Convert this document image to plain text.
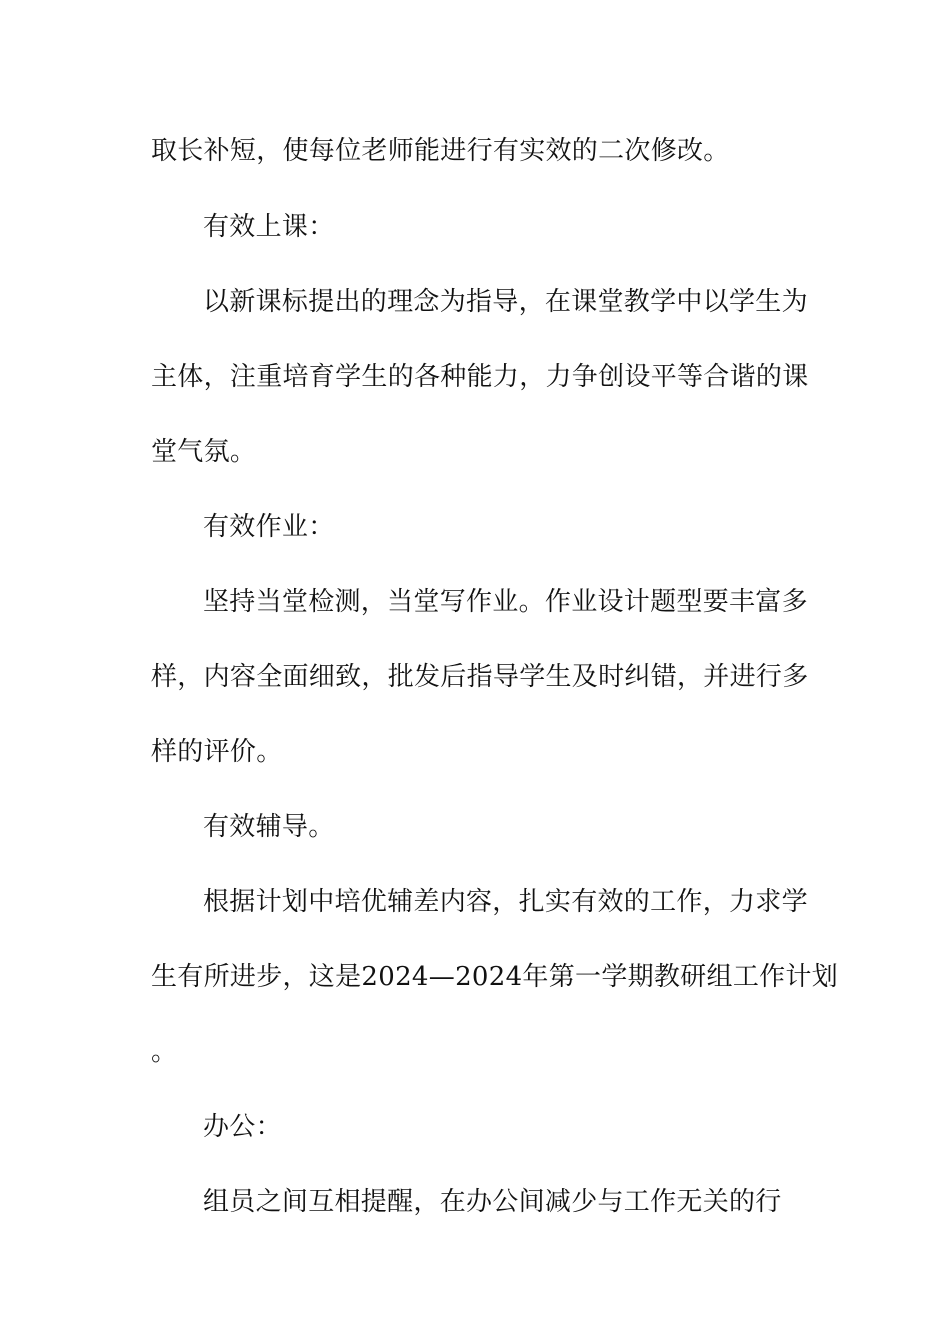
取长补短，使每位老师能进行有实效的二次修改。
有效上课：
以新课标提出的理念为指导，在课堂教学中以学生为
主体，注重培育学生的各种能力，力争创设平等合谐的课
堂气氛。
有效作业：
坚持当堂检测，当堂写作业。作业设计题型要丰富多
样，内容全面细致，批发后指导学生及时纠错，并进行多
样的评价。
有效辅导。
根据计划中培优辅差内容，扎实有效的工作，力求学
生有所进步，这是2024—2024年第一学期教研组工作计划
。
办公：
组员之间互相提醒，在办公间减少与工作无关的行
